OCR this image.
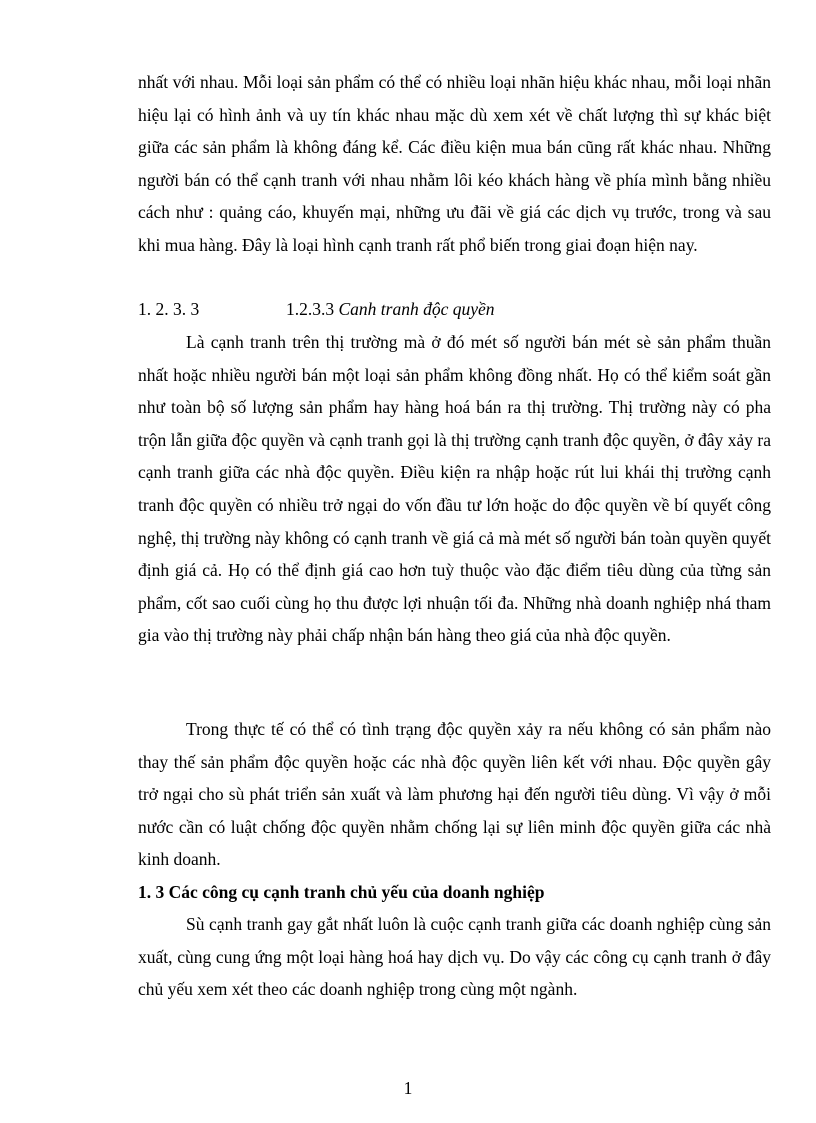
nhất với nhau. Mỗi loại sản phẩm có thể có nhiều loại nhãn hiệu khác nhau, mỗi loại nhãn hiệu lại có hình ảnh và uy tín khác nhau mặc dù xem xét về chất lượng thì sự khác biệt giữa các sản phẩm là không đáng kể. Các điều kiện mua bán cũng rất khác nhau. Những người bán có thể cạnh tranh với nhau nhằm lôi kéo khách hàng về phía mình bằng nhiều cách như : quảng cáo, khuyến mại, những ưu đãi về giá các dịch vụ trước, trong và sau khi mua hàng. Đây là loại hình cạnh tranh rất phổ biến trong giai đoạn hiện nay.

1. 2. 3. 3	1.2.3.3 Canh tranh độc quyền

Là cạnh tranh trên thị trường mà ở đó mét số người bán mét sè sản phẩm thuần nhất hoặc nhiều người bán một loại sản phẩm không đồng nhất. Họ có thể kiểm soát gần như toàn bộ số lượng sản phẩm hay hàng hoá bán ra thị trường. Thị trường này có pha trộn lẫn giữa độc quyền và cạnh tranh gọi là thị trường cạnh tranh độc quyền, ở đây xảy ra cạnh tranh giữa các nhà độc quyền. Điều kiện ra nhập hoặc rút lui khái thị trường cạnh tranh độc quyền có nhiều trở ngại do vốn đầu tư lớn hoặc do độc quyền về bí quyết công nghệ, thị trường này không có cạnh tranh về giá cả mà mét số người bán toàn quyền quyết định giá cả. Họ có thể định giá cao hơn tuỳ thuộc vào đặc điểm tiêu dùng của từng sản phẩm, cốt sao cuối cùng họ thu được lợi nhuận tối đa. Những nhà doanh nghiệp nhá tham gia vào thị trường này phải chấp nhận bán hàng theo giá của nhà độc quyền.

Trong thực tế có thể có tình trạng độc quyền xảy ra nếu không có sản phẩm nào thay thế sản phẩm độc quyền hoặc các nhà độc quyền liên kết với nhau. Độc quyền gây trở ngại cho sù phát triển sản xuất và làm phương hại đến người tiêu dùng. Vì vậy ở mỗi nước cần có luật chống độc quyền nhằm chống lại sự liên minh độc quyền giữa các nhà kinh doanh.

1. 3 Các công cụ cạnh tranh chủ yếu của doanh nghiệp

Sù cạnh tranh gay gắt nhất luôn là cuộc cạnh tranh giữa các doanh nghiệp cùng sản xuất, cùng cung ứng một loại hàng hoá hay dịch vụ. Do vậy các công cụ cạnh tranh ở đây chủ yếu xem xét theo các doanh nghiệp trong cùng một ngành.

1
